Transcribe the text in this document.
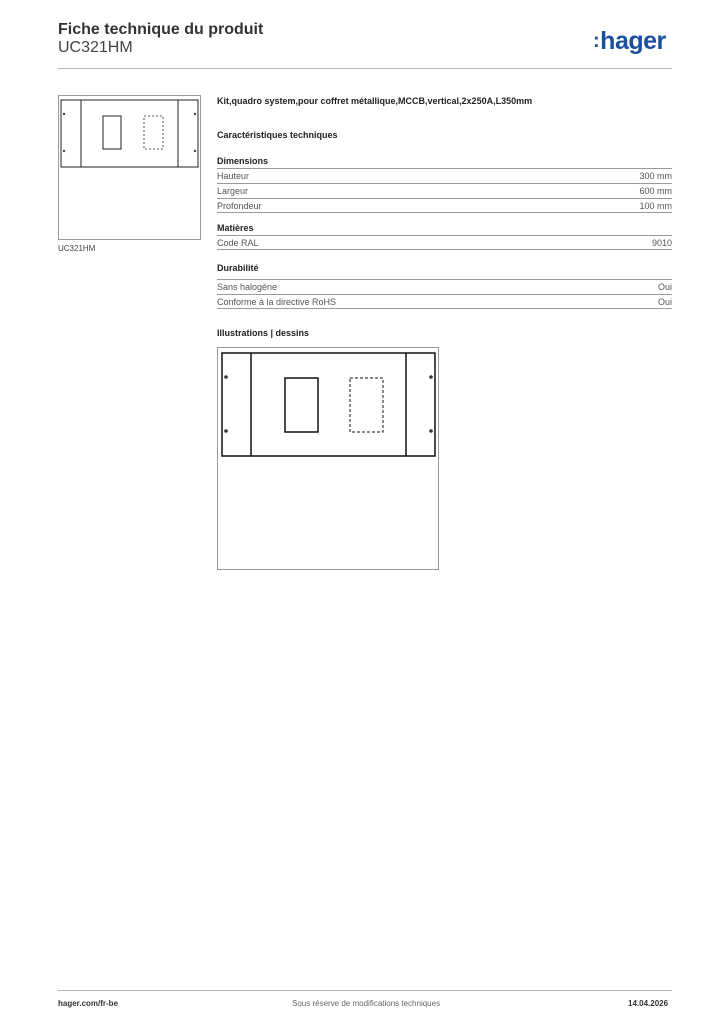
Fiche technique du produit
UC321HM	:hager
UC321HM
Kit,quadro system,pour coffret métallique,MCCB,vertical,2x250A,L350mm
Caractéristiques techniques
Dimensions
Hauteur	300 mm
Largeur	600 mm
Profondeur	100 mm
Matières
Code RAL	9010
Durabilité
Sans halogène	Oui
Conforme à la directive RoHS	Oui
Illustrations | dessins
hager.com/fr-be	Sous réserve de modifications techniques	14.04.2026
